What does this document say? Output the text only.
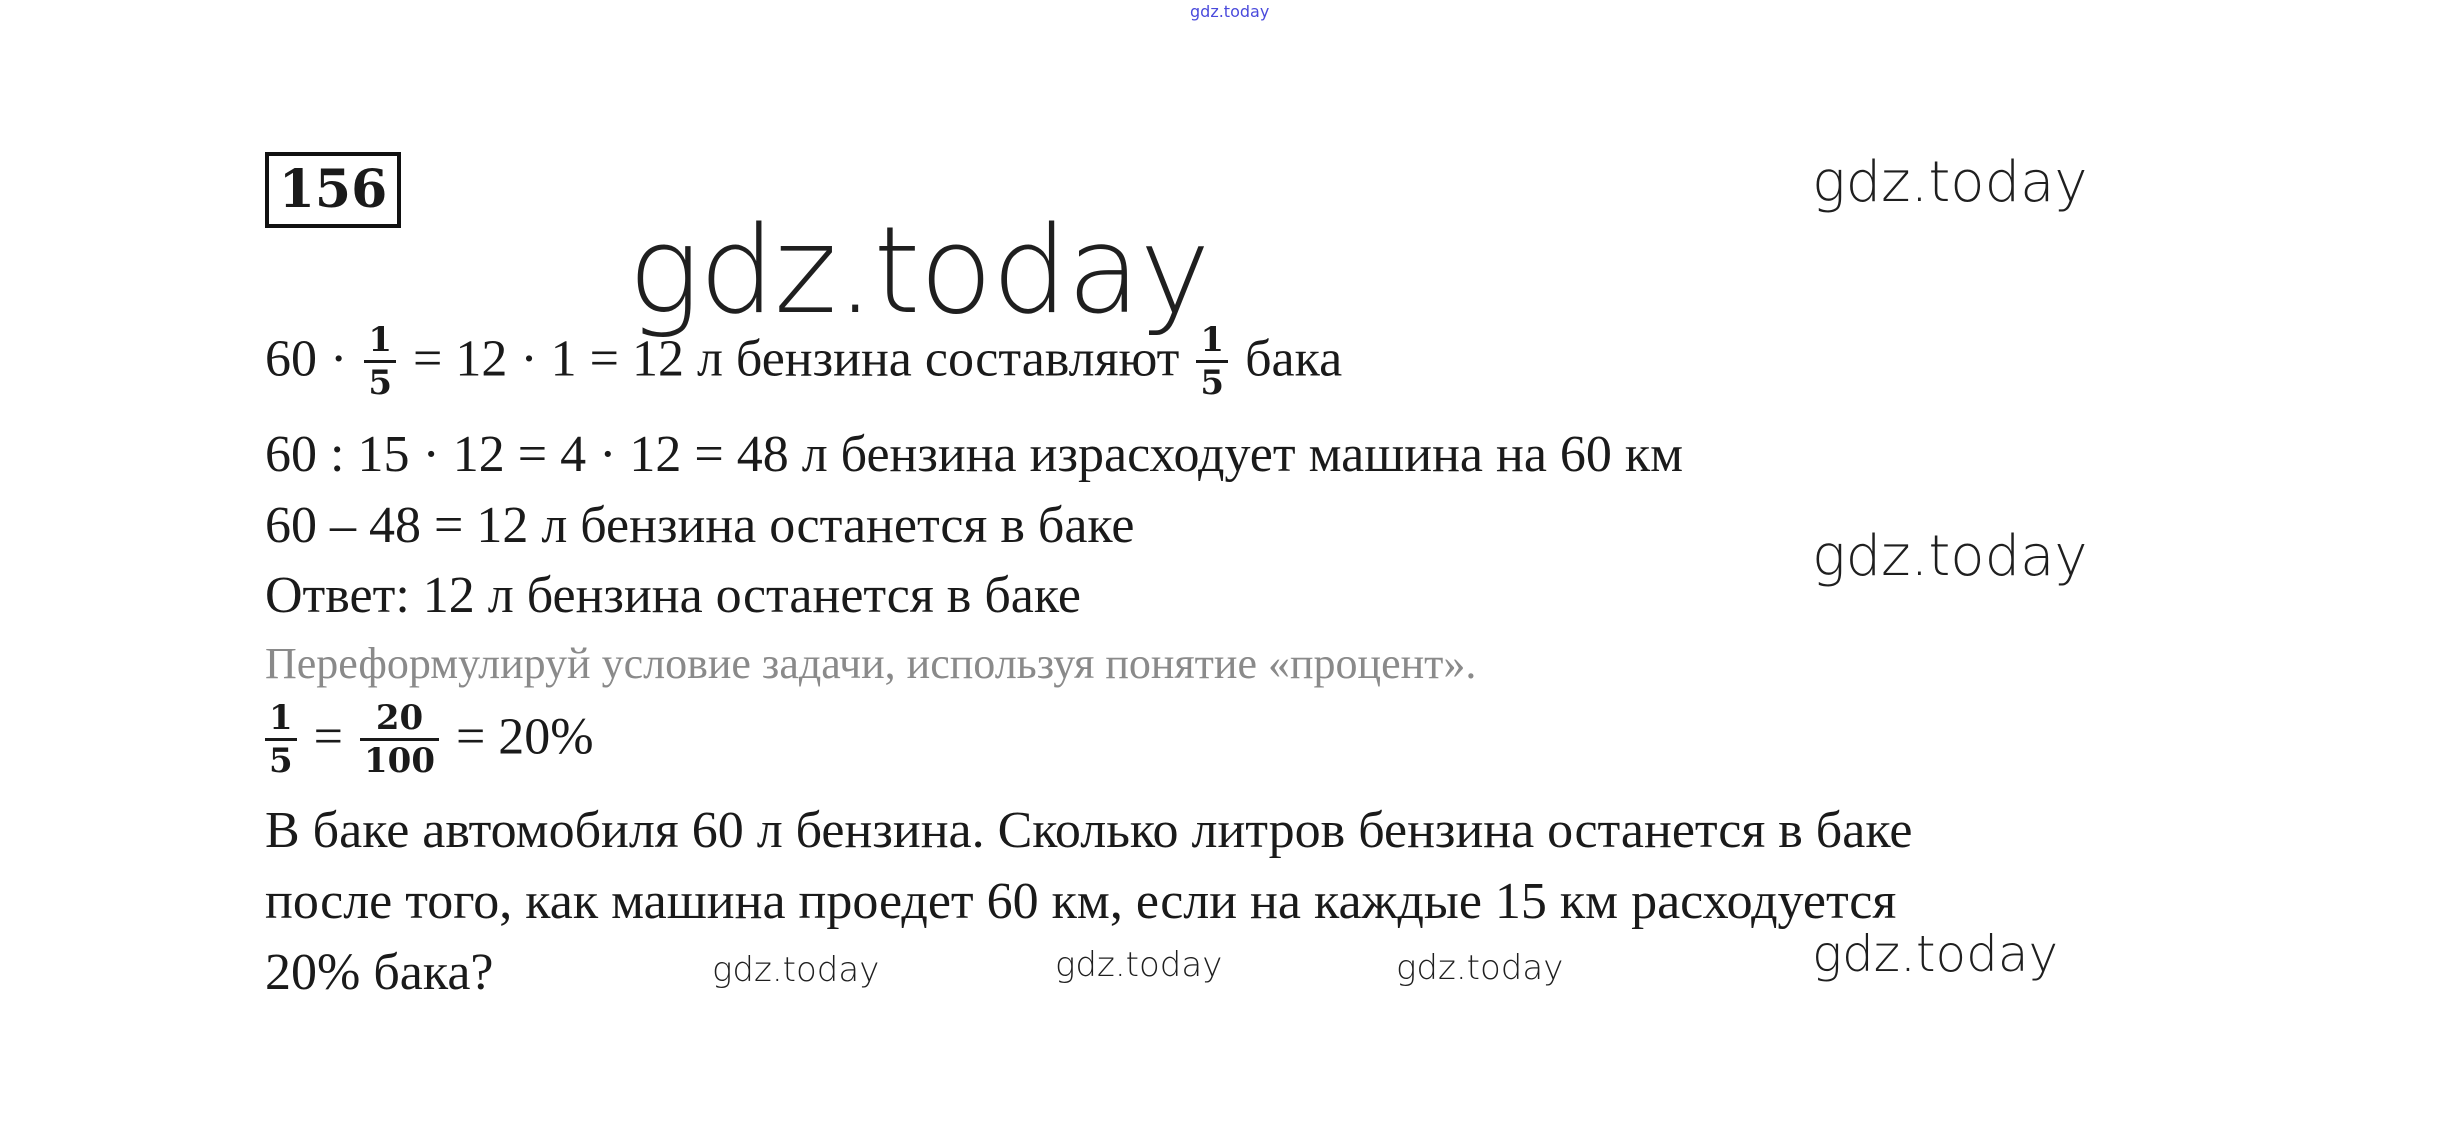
gdz.today
156
gdz.today
gdz.today
gdz.today
gdz.today
$60 \cdot \frac{1}{5} = 12 \cdot 1 = 12$ л бензина составляют $\frac{1}{5}$ бака
60 : 15 · 12 = 4 · 12 = 48 л бензина израсходует машина на 60 км
60 – 48 = 12 л бензина останется в баке
Ответ: 12 л бензина останется в баке
Переформулируй условие задачи, используя понятие «процент».
$\frac{1}{5} = \frac{20}{100} = 20\%$
В баке автомобиля 60 л бензина. Сколько литров бензина останется в баке
после того, как машина проедет 60 км, если на каждые 15 км расходуется
20% бака?	gdz.today	gdz.today	gdz.today
